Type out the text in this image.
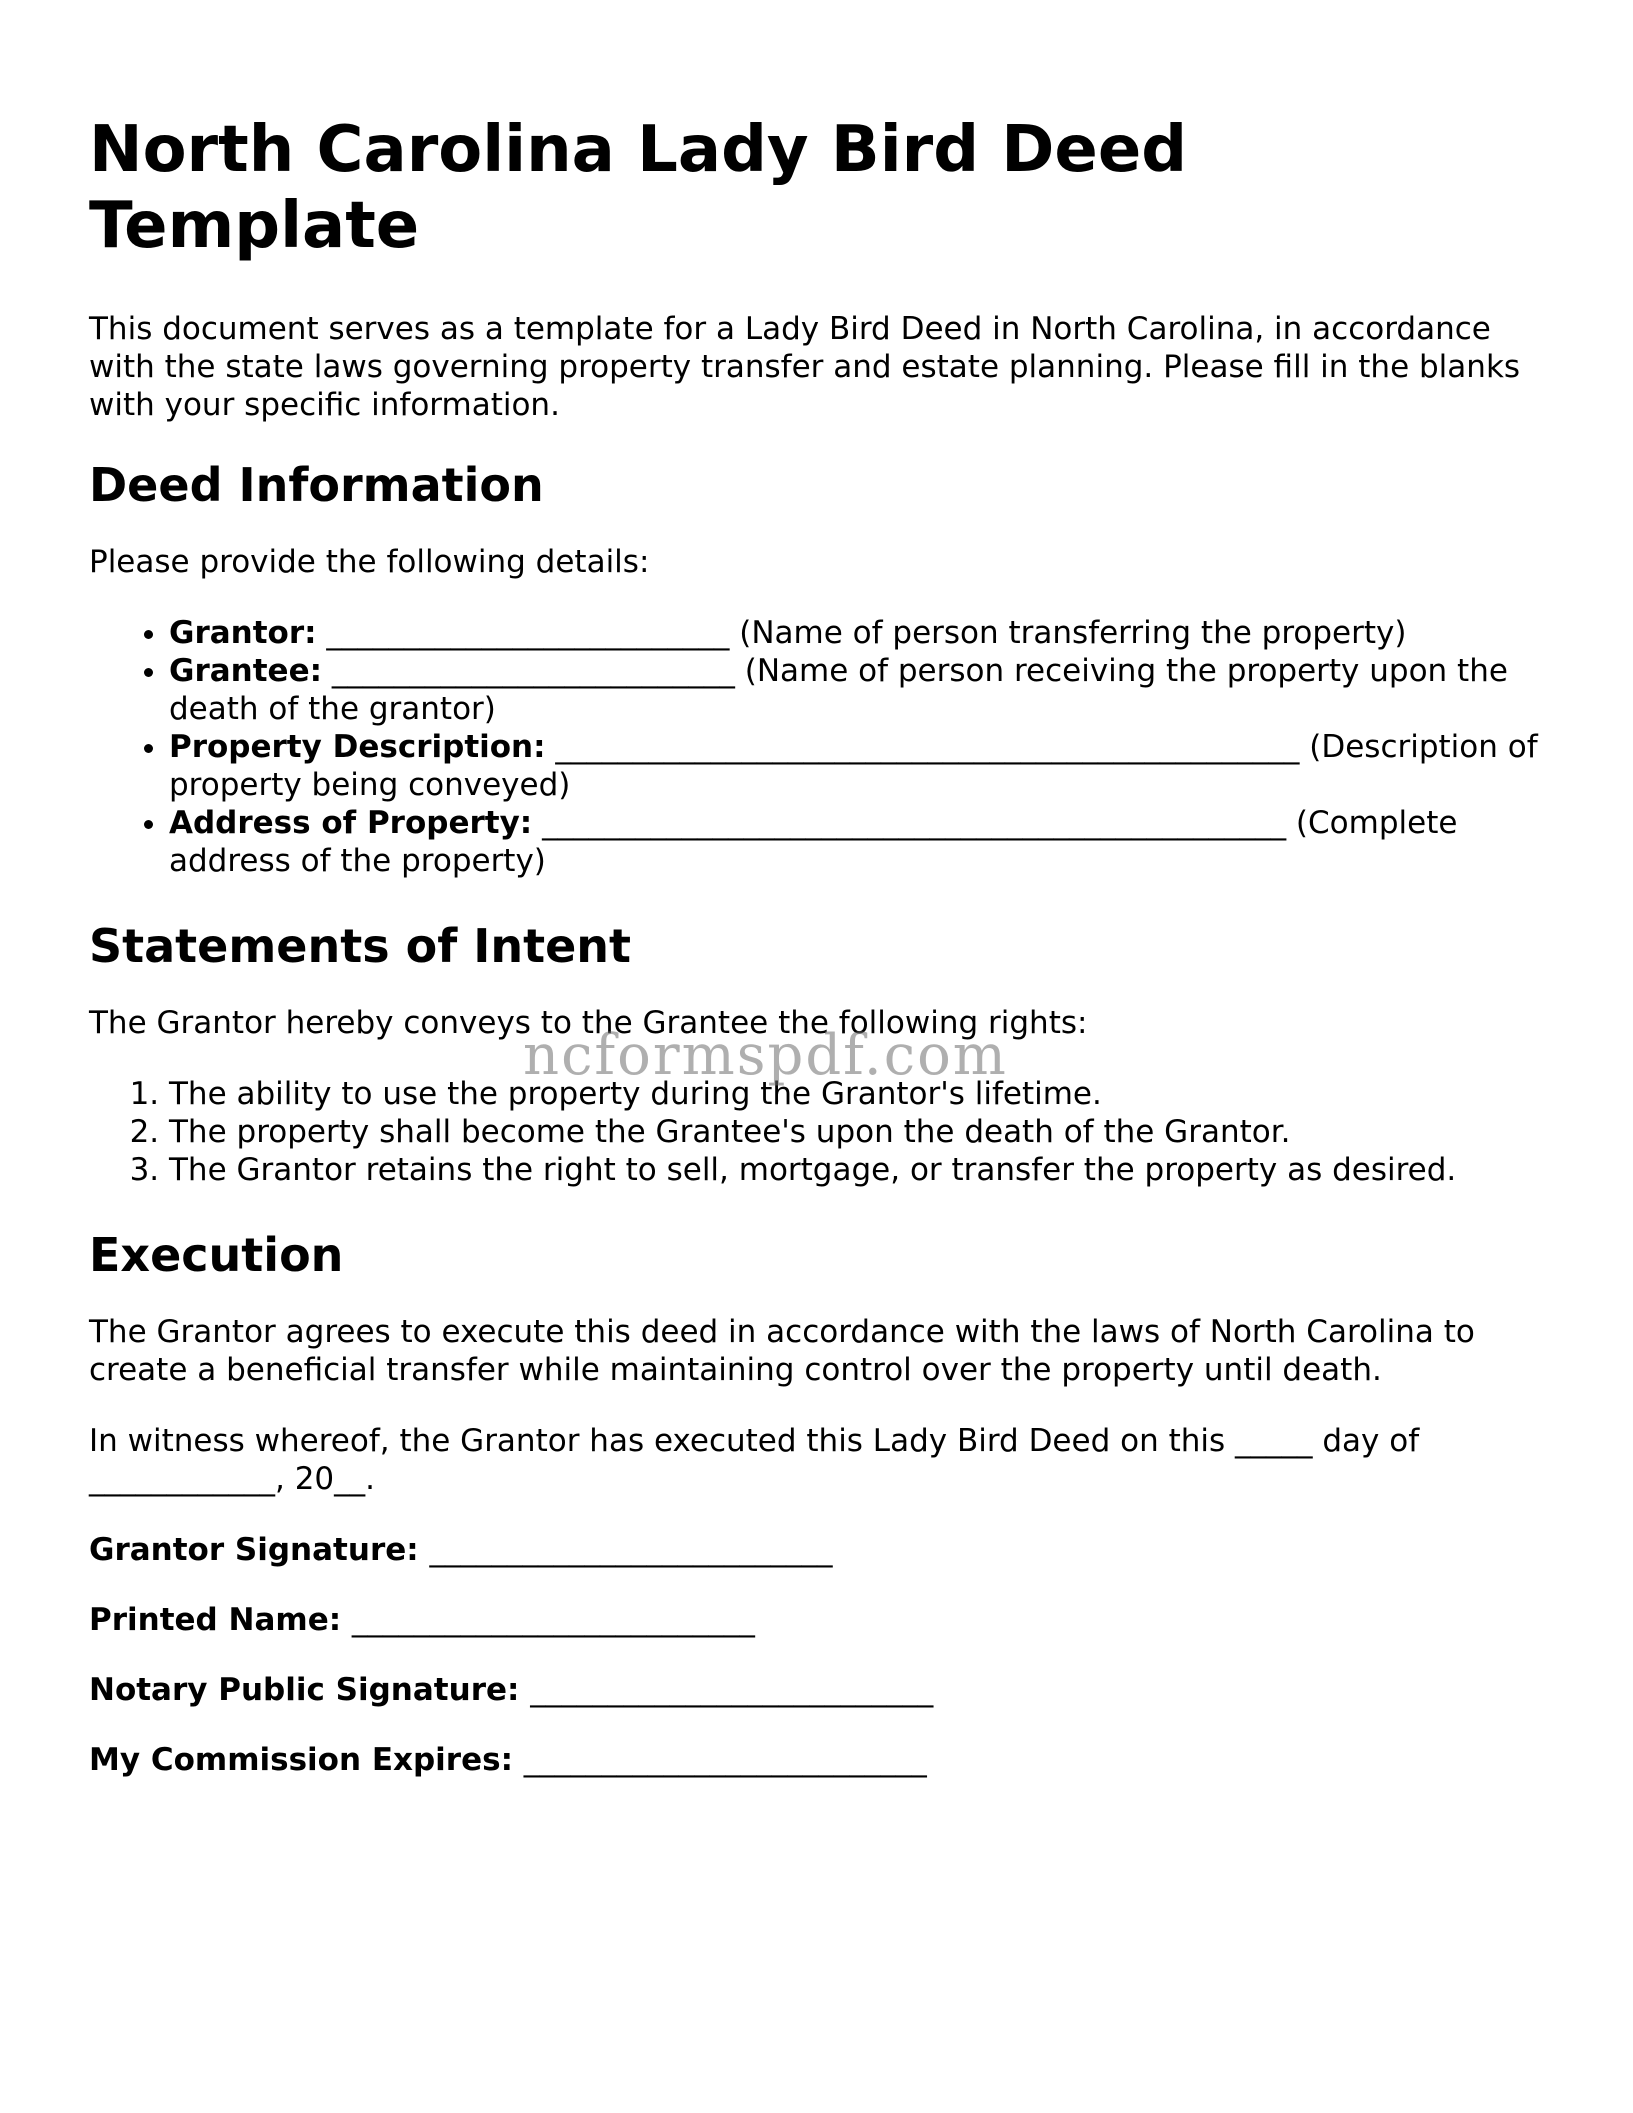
North Carolina Lady Bird Deed Template

This document serves as a template for a Lady Bird Deed in North Carolina, in accordance with the state laws governing property transfer and estate planning. Please fill in the blanks with your specific information.

Deed Information

Please provide the following details:

• Grantor: __________________________ (Name of person transferring the property)
• Grantee: __________________________ (Name of person receiving the property upon the death of the grantor)
• Property Description: ________________________________________________ (Description of property being conveyed)
• Address of Property: ________________________________________________ (Complete address of the property)
Statements of Intent

The Grantor hereby conveys to the Grantee the following rights:

1. The ability to use the property during the Grantor's lifetime.
2. The property shall become the Grantee's upon the death of the Grantor.
3. The Grantor retains the right to sell, mortgage, or transfer the property as desired.
Execution

The Grantor agrees to execute this deed in accordance with the laws of North Carolina to create a beneficial transfer while maintaining control over the property until death.

In witness whereof, the Grantor has executed this Lady Bird Deed on this _____ day of ____________, 20__.

Grantor Signature: __________________________
Printed Name: __________________________
Notary Public Signature: __________________________
My Commission Expires: __________________________
ncformspdf.com
